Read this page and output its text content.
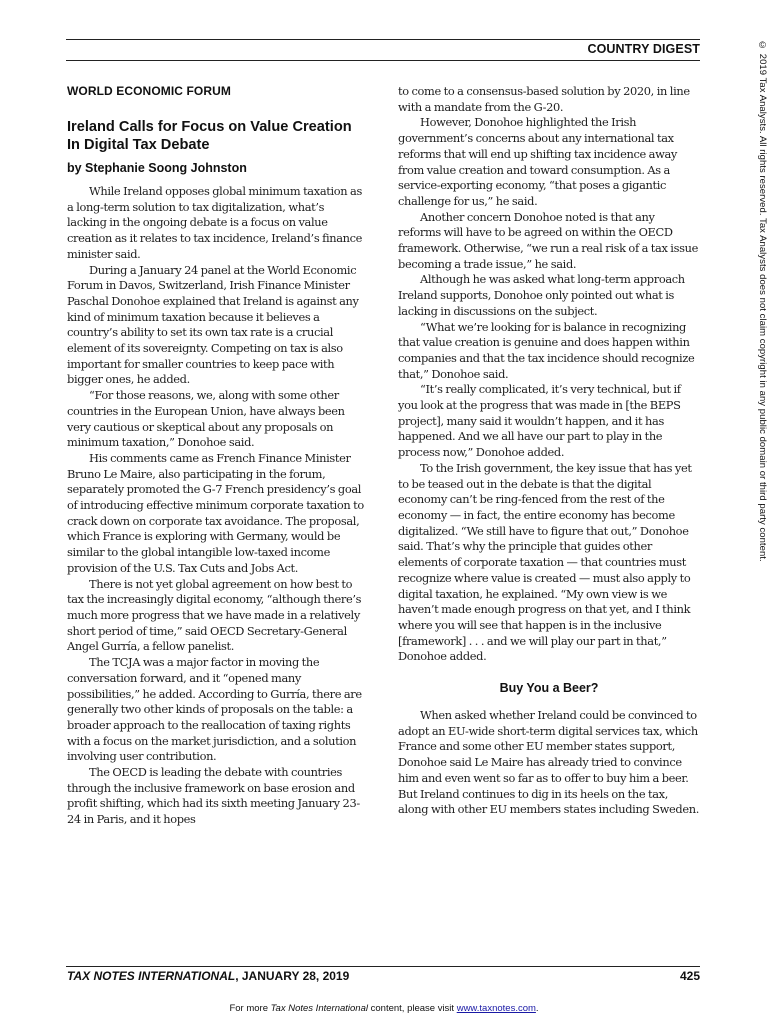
COUNTRY DIGEST
WORLD ECONOMIC FORUM
Ireland Calls for Focus on Value Creation In Digital Tax Debate
by Stephanie Soong Johnston

While Ireland opposes global minimum taxation as a long-term solution to tax digitalization, what’s lacking in the ongoing debate is a focus on value creation as it relates to tax incidence, Ireland’s finance minister said.

During a January 24 panel at the World Economic Forum in Davos, Switzerland, Irish Finance Minister Paschal Donohoe explained that Ireland is against any kind of minimum taxation because it believes a country’s ability to set its own tax rate is a crucial element of its sovereignty. Competing on tax is also important for smaller countries to keep pace with bigger ones, he added.

“For those reasons, we, along with some other countries in the European Union, have always been very cautious or skeptical about any proposals on minimum taxation,” Donohoe said.

His comments came as French Finance Minister Bruno Le Maire, also participating in the forum, separately promoted the G-7 French presidency’s goal of introducing effective minimum corporate taxation to crack down on corporate tax avoidance. The proposal, which France is exploring with Germany, would be similar to the global intangible low-taxed income provision of the U.S. Tax Cuts and Jobs Act.

There is not yet global agreement on how best to tax the increasingly digital economy, “although there’s much more progress that we have made in a relatively short period of time,” said OECD Secretary-General Angel Gurría, a fellow panelist.

The TCJA was a major factor in moving the conversation forward, and it “opened many possibilities,” he added. According to Gurría, there are generally two other kinds of proposals on the table: a broader approach to the reallocation of taxing rights with a focus on the market jurisdiction, and a solution involving user contribution.

The OECD is leading the debate with countries through the inclusive framework on base erosion and profit shifting, which had its sixth meeting January 23-24 in Paris, and it hopes

to come to a consensus-based solution by 2020, in line with a mandate from the G-20.

However, Donohoe highlighted the Irish government’s concerns about any international tax reforms that will end up shifting tax incidence away from value creation and toward consumption. As a service-exporting economy, “that poses a gigantic challenge for us,” he said.

Another concern Donohoe noted is that any reforms will have to be agreed on within the OECD framework. Otherwise, “we run a real risk of a tax issue becoming a trade issue,” he said.

Although he was asked what long-term approach Ireland supports, Donohoe only pointed out what is lacking in discussions on the subject.

“What we’re looking for is balance in recognizing that value creation is genuine and does happen within companies and that the tax incidence should recognize that,” Donohoe said.

“It’s really complicated, it’s very technical, but if you look at the progress that was made in [the BEPS project], many said it wouldn’t happen, and it has happened. And we all have our part to play in the process now,” Donohoe added.

To the Irish government, the key issue that has yet to be teased out in the debate is that the digital economy can’t be ring-fenced from the rest of the economy — in fact, the entire economy has become digitalized. “We still have to figure that out,” Donohoe said. That’s why the principle that guides other elements of corporate taxation — that countries must recognize where value is created — must also apply to digital taxation, he explained. “My own view is we haven’t made enough progress on that yet, and I think where you will see that happen is in the inclusive [framework] . . . and we will play our part in that,” Donohoe added.

Buy You a Beer?

When asked whether Ireland could be convinced to adopt an EU-wide short-term digital services tax, which France and some other EU member states support, Donohoe said Le Maire has already tried to convince him and even went so far as to offer to buy him a beer. But Ireland continues to dig in its heels on the tax, along with other EU members states including Sweden.

© 2019 Tax Analysts. All rights reserved. Tax Analysts does not claim copyright in any public domain or third party content.
TAX NOTES INTERNATIONAL, JANUARY 28, 2019	425
For more Tax Notes International content, please visit www.taxnotes.com.
